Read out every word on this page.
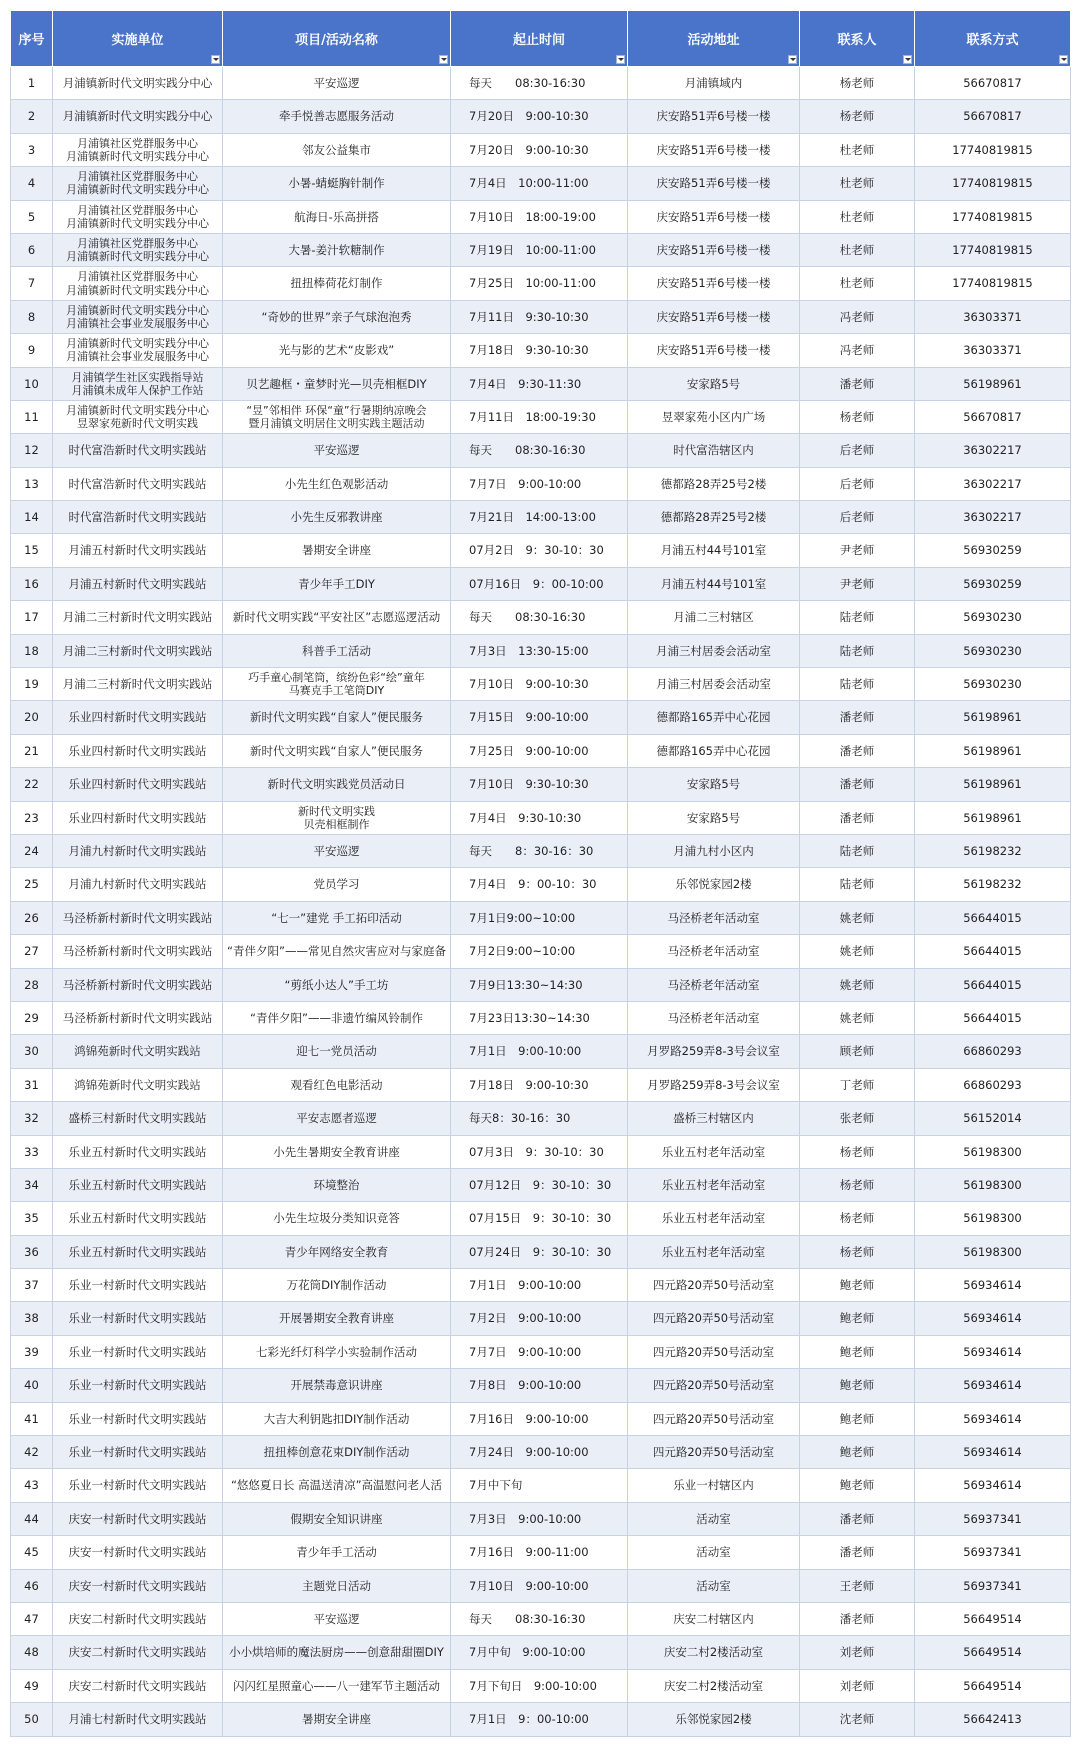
序号	实施单位	项目/活动名称	起止时间	活动地址	联系人	联系方式

1	月浦镇新时代文明实践分中心	平安巡逻	每天　　08:30-16:30	月浦镇域内	杨老师	56670817
2	月浦镇新时代文明实践分中心	牵手悦善志愿服务活动	7月20日　9:00-10:30	庆安路51弄6号楼一楼	杨老师	56670817
3	月浦镇社区党群服务中心
月浦镇新时代文明实践分中心	邻友公益集市	7月20日　9:00-10:30	庆安路51弄6号楼一楼	杜老师	17740819815
4	月浦镇社区党群服务中心
月浦镇新时代文明实践分中心	小暑-蜻蜓胸针制作	7月4日　10:00-11:00	庆安路51弄6号楼一楼	杜老师	17740819815
5	月浦镇社区党群服务中心
月浦镇新时代文明实践分中心	航海日-乐高拼搭	7月10日　18:00-19:00	庆安路51弄6号楼一楼	杜老师	17740819815
6	月浦镇社区党群服务中心
月浦镇新时代文明实践分中心	大暑-姜汁软糖制作	7月19日　10:00-11:00	庆安路51弄6号楼一楼	杜老师	17740819815
7	月浦镇社区党群服务中心
月浦镇新时代文明实践分中心	扭扭棒荷花灯制作	7月25日　10:00-11:00	庆安路51弄6号楼一楼	杜老师	17740819815
8	月浦镇新时代文明实践分中心
月浦镇社会事业发展服务中心	“奇妙的世界”亲子气球泡泡秀	7月11日　9:30-10:30	庆安路51弄6号楼一楼	冯老师	36303371
9	月浦镇新时代文明实践分中心
月浦镇社会事业发展服务中心	光与影的艺术“皮影戏”	7月18日　9:30-10:30	庆安路51弄6号楼一楼	冯老师	36303371
10	月浦镇学生社区实践指导站
月浦镇未成年人保护工作站	贝艺趣框・童梦时光—贝壳相框DIY	7月4日　9:30-11:30	安家路5号	潘老师	56198961
11	月浦镇新时代文明实践分中心
昱翠家苑新时代文明实践	“昱”邻相伴 环保“童”行暑期纳凉晚会
暨月浦镇文明居住文明实践主题活动	7月11日　18:00-19:30	昱翠家苑小区内广场	杨老师	56670817
12	时代富浩新时代文明实践站	平安巡逻	每天　　08:30-16:30	时代富浩辖区内	后老师	36302217
13	时代富浩新时代文明实践站	小先生红色观影活动	7月7日　9:00-10:00	德都路28弄25号2楼	后老师	36302217
14	时代富浩新时代文明实践站	小先生反邪教讲座	7月21日　14:00-13:00	德都路28弄25号2楼	后老师	36302217
15	月浦五村新时代文明实践站	暑期安全讲座	07月2日　9：30-10：30	月浦五村44号101室	尹老师	56930259
16	月浦五村新时代文明实践站	青少年手工DIY	07月16日　9：00-10:00	月浦五村44号101室	尹老师	56930259
17	月浦二三村新时代文明实践站	新时代文明实践“平安社区”志愿巡逻活动	每天　　08:30-16:30	月浦二三村辖区	陆老师	56930230
18	月浦二三村新时代文明实践站	科普手工活动	7月3日　13:30-15:00	月浦三村居委会活动室	陆老师	56930230
19	月浦二三村新时代文明实践站	巧手童心制笔筒，缤纷色彩“绘”童年
马赛克手工笔筒DIY	7月10日　9:00-10:30	月浦三村居委会活动室	陆老师	56930230
20	乐业四村新时代文明实践站	新时代文明实践“自家人”便民服务	7月15日　9:00-10:00	德都路165弄中心花园	潘老师	56198961
21	乐业四村新时代文明实践站	新时代文明实践“自家人”便民服务	7月25日　9:00-10:00	德都路165弄中心花园	潘老师	56198961
22	乐业四村新时代文明实践站	新时代文明实践党员活动日	7月10日　9:30-10:30	安家路5号	潘老师	56198961
23	乐业四村新时代文明实践站	新时代文明实践
贝壳相框制作	7月4日　9:30-10:30	安家路5号	潘老师	56198961
24	月浦九村新时代文明实践站	平安巡逻	每天　　8：30-16：30	月浦九村小区内	陆老师	56198232
25	月浦九村新时代文明实践站	党员学习	7月4日　9：00-10：30	乐邻悦家园2楼	陆老师	56198232
26	马泾桥新村新时代文明实践站	“七一”建党 手工拓印活动	7月1日9:00~10:00	马泾桥老年活动室	姚老师	56644015
27	马泾桥新村新时代文明实践站	“青伴夕阳”——常见自然灾害应对与家庭备	7月2日9:00~10:00	马泾桥老年活动室	姚老师	56644015
28	马泾桥新村新时代文明实践站	“剪纸小达人”手工坊	7月9日13:30~14:30	马泾桥老年活动室	姚老师	56644015
29	马泾桥新村新时代文明实践站	“青伴夕阳”——非遗竹编风铃制作	7月23日13:30~14:30	马泾桥老年活动室	姚老师	56644015
30	鸿锦苑新时代文明实践站	迎七一党员活动	7月1日　9:00-10:00	月罗路259弄8-3号会议室	顾老师	66860293
31	鸿锦苑新时代文明实践站	观看红色电影活动	7月18日　9:00-10:30	月罗路259弄8-3号会议室	丁老师	66860293
32	盛桥三村新时代文明实践站	平安志愿者巡逻	每天8：30-16：30	盛桥三村辖区内	张老师	56152014
33	乐业五村新时代文明实践站	小先生暑期安全教育讲座	07月3日　9：30-10：30	乐业五村老年活动室	杨老师	56198300
34	乐业五村新时代文明实践站	环境整治	07月12日　9：30-10：30	乐业五村老年活动室	杨老师	56198300
35	乐业五村新时代文明实践站	小先生垃圾分类知识竞答	07月15日　9：30-10：30	乐业五村老年活动室	杨老师	56198300
36	乐业五村新时代文明实践站	青少年网络安全教育	07月24日　9：30-10：30	乐业五村老年活动室	杨老师	56198300
37	乐业一村新时代文明实践站	万花筒DIY制作活动	7月1日　9:00-10:00	四元路20弄50号活动室	鲍老师	56934614
38	乐业一村新时代文明实践站	开展暑期安全教育讲座	7月2日　9:00-10:00	四元路20弄50号活动室	鲍老师	56934614
39	乐业一村新时代文明实践站	七彩光纤灯科学小实验制作活动	7月7日　9:00-10:00	四元路20弄50号活动室	鲍老师	56934614
40	乐业一村新时代文明实践站	开展禁毒意识讲座	7月8日　9:00-10:00	四元路20弄50号活动室	鲍老师	56934614
41	乐业一村新时代文明实践站	大吉大利钥匙扣DIY制作活动	7月16日　9:00-10:00	四元路20弄50号活动室	鲍老师	56934614
42	乐业一村新时代文明实践站	扭扭棒创意花束DIY制作活动	7月24日　9:00-10:00	四元路20弄50号活动室	鲍老师	56934614
43	乐业一村新时代文明实践站	“悠悠夏日长 高温送清凉”高温慰问老人活	7月中下旬	乐业一村辖区内	鲍老师	56934614
44	庆安一村新时代文明实践站	假期安全知识讲座	7月3日　9:00-10:00	活动室	潘老师	56937341
45	庆安一村新时代文明实践站	青少年手工活动	7月16日　9:00-11:00	活动室	潘老师	56937341
46	庆安一村新时代文明实践站	主题党日活动	7月10日　9:00-10:00	活动室	王老师	56937341
47	庆安二村新时代文明实践站	平安巡逻	每天　　08:30-16:30	庆安二村辖区内	潘老师	56649514
48	庆安二村新时代文明实践站	小小烘培师的魔法厨房——创意甜甜圈DIY	7月中旬　9:00-10:00	庆安二村2楼活动室	刘老师	56649514
49	庆安二村新时代文明实践站	闪闪红星照童心——八一建军节主题活动	7月下旬日　9:00-10:00	庆安二村2楼活动室	刘老师	56649514
50	月浦七村新时代文明实践站	暑期安全讲座	7月1日　9：00-10:00	乐邻悦家园2楼	沈老师	56642413
